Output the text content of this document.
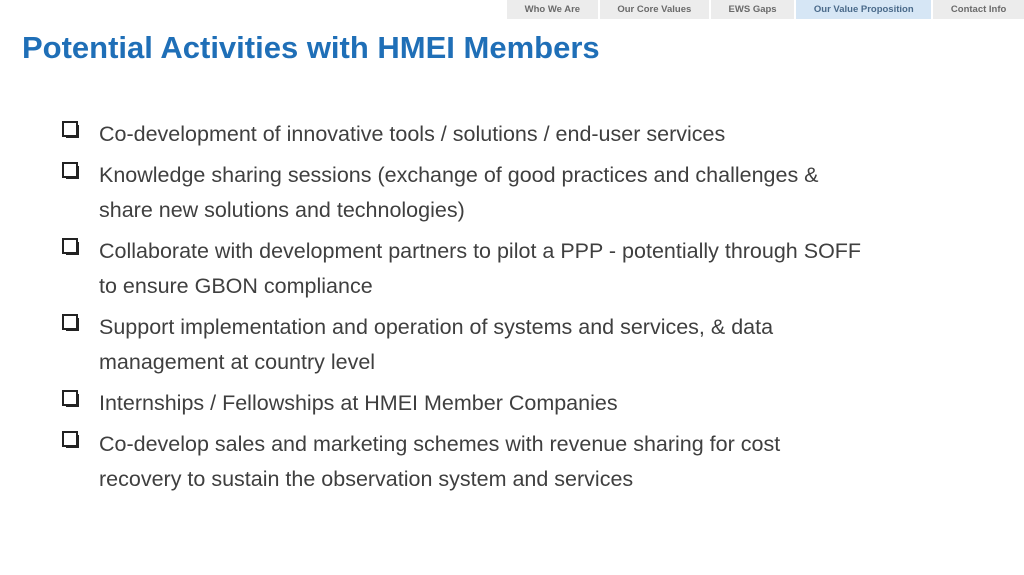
Who We Are	Our Core Values	EWS Gaps	Our Value Proposition	Contact Info
Potential Activities with HMEI Members
Co-development of innovative tools / solutions / end-user services
Knowledge sharing sessions (exchange of good practices and challenges & share new solutions and technologies)
Collaborate with development partners to pilot a PPP - potentially through SOFF to ensure GBON compliance
Support implementation and operation of systems and services, & data management at country level
Internships / Fellowships at HMEI Member Companies
Co-develop sales and marketing schemes with revenue sharing for cost recovery to sustain the observation system and services
